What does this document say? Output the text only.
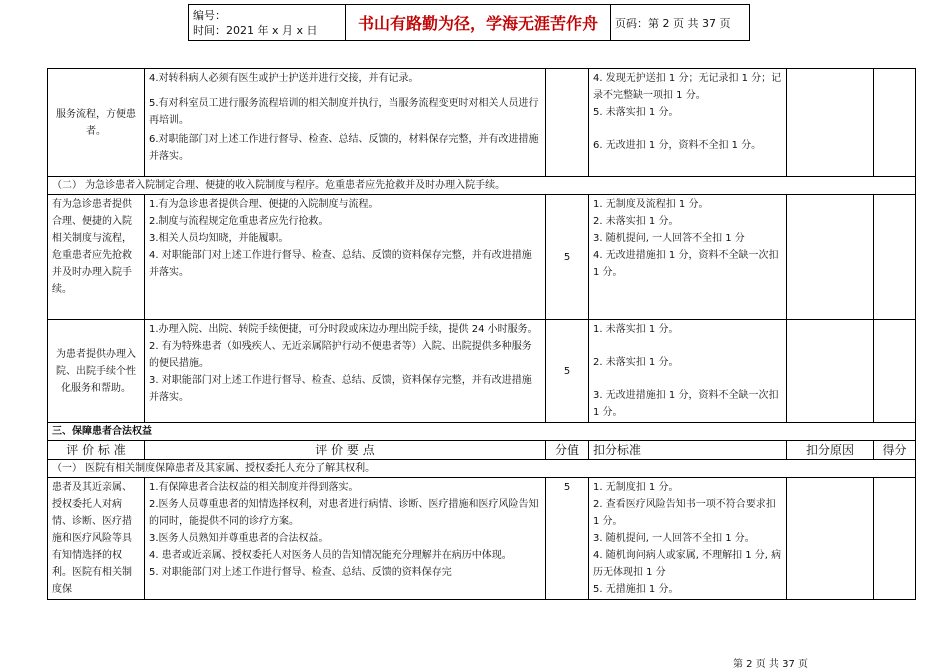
编号：
时间：2021 年 x 月 x 日	书山有路勤为径，学海无涯苦作舟	页码：第 2 页 共 37 页
服务流程，方便患者。	4.对转科病人必须有医生或护士护送并进行交接，并有记录。
5.有对科室员工进行服务流程培训的相关制度并执行，当服务流程变更时对相关人员进行再培训。
6.对职能部门对上述工作进行督导、检查、总结、反馈的，材料保存完整，并有改进措施并落实。		4. 发现无护送扣 1 分；无记录扣 1 分；记录不完整缺一项扣 1 分。
5. 未落实扣 1 分。
6. 无改进扣 1 分，资料不全扣 1 分。		

（二） 为急诊患者入院制定合理、便捷的收入院制度与程序。危重患者应先抢救并及时办理入院手续。					
有为急诊患者提供合理、便捷的入院相关制度与流程，危重患者应先抢救并及时办理入院手续。	1.有为急诊患者提供合理、便捷的入院制度与流程。
2.制度与流程规定危重患者应先行抢救。
3.相关人员均知晓，并能履职。
4. 对职能部门对上述工作进行督导、检查、总结、反馈的资料保存完整，并有改进措施并落实。	5	1. 无制度及流程扣 1 分。
2. 未落实扣 1 分。
3. 随机提问, 一人回答不全扣 1 分
4. 无改进措施扣 1 分，资料不全缺一次扣 1 分。		

为患者提供办理入院、出院手续个性化服务和帮助。	1.办理入院、出院、转院手续便捷，可分时段或床边办理出院手续，提供 24 小时服务。
2. 有为特殊患者（如残疾人、无近亲属陪护行动不便患者等）入院、出院提供多种服务的便民措施。
3. 对职能部门对上述工作进行督导、检查、总结、反馈，资料保存完整，并有改进措施并落实。	5	1. 未落实扣 1 分。
2. 未落实扣 1 分。
3. 无改进措施扣 1 分，资料不全缺一次扣 1 分。		

三、保障患者合法权益					
评 价 标 准	评 价 要 点	分值	扣分标准	扣分原因	得分
（一） 医院有相关制度保障患者及其家属、授权委托人充分了解其权利。					
患者及其近亲属、授权委托人对病情、诊断、医疗措施和医疗风险等具有知情选择的权利。医院有相关制度保	1.有保障患者合法权益的相关制度并得到落实。
2.医务人员尊重患者的知情选择权利，对患者进行病情、诊断、医疗措施和医疗风险告知的同时，能提供不同的诊疗方案。
3.医务人员熟知并尊重患者的合法权益。
4. 患者或近亲属、授权委托人对医务人员的告知情况能充分理解并在病历中体现。
5. 对职能部门对上述工作进行督导、检查、总结、反馈的资料保存完	5	1. 无制度扣 1 分。
2. 查看医疗风险告知书一项不符合要求扣 1 分。
3. 随机提问, 一人回答不全扣 1 分。
4. 随机询问病人或家属, 不理解扣 1 分, 病历无体现扣 1 分
5. 无措施扣 1 分。		

第 2 页 共 37 页
